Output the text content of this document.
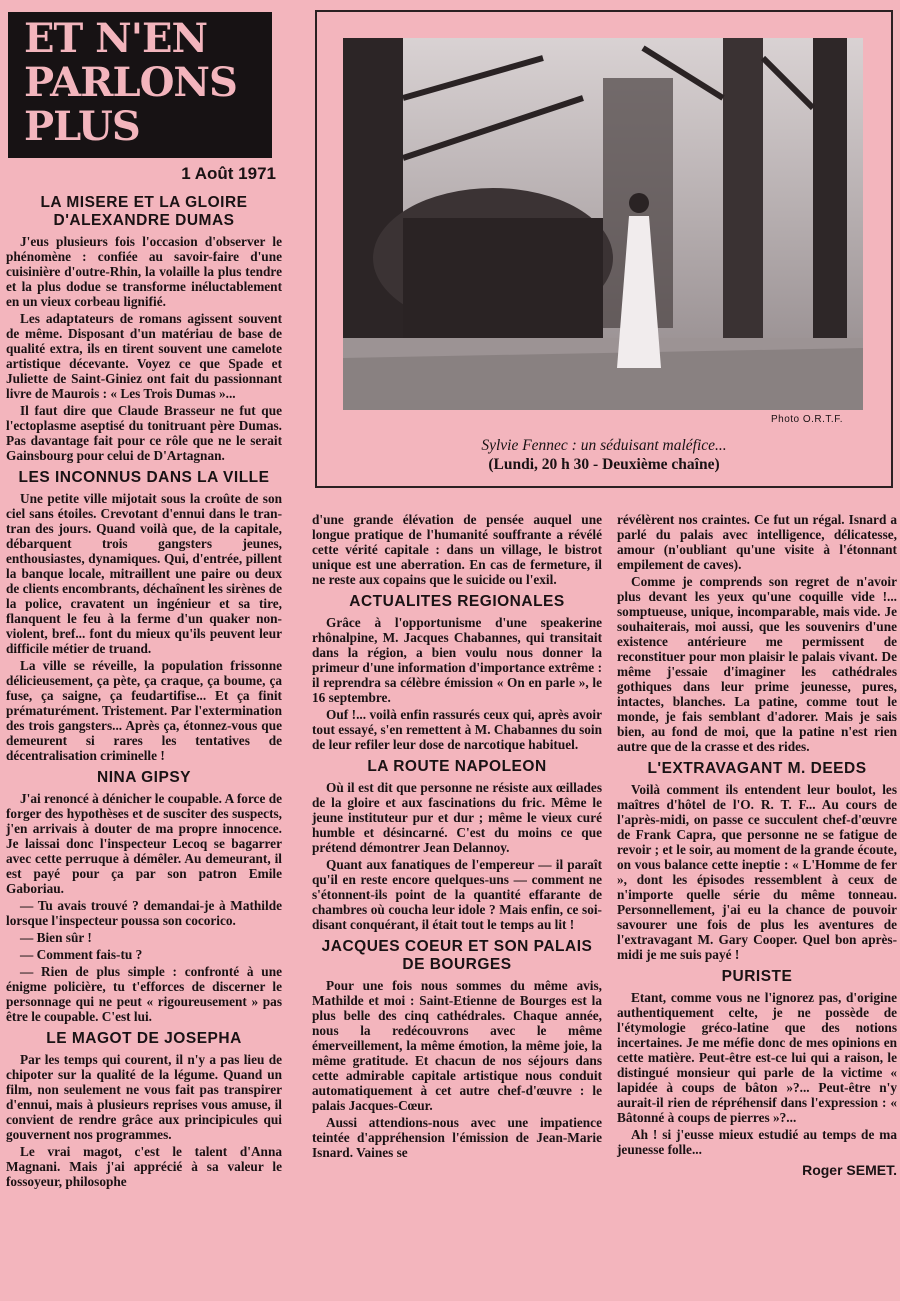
ET N'EN
PARLONS
PLUS
1 Août 1971
Photo O.R.T.F.
Sylvie Fennec : un séduisant maléfice...
(Lundi, 20 h 30 - Deuxième chaîne)
LA MISERE ET LA GLOIRE D'ALEXANDRE DUMAS

J'eus plusieurs fois l'occasion d'observer le phénomène : confiée au savoir-faire d'une cuisinière d'outre-Rhin, la volaille la plus tendre et la plus dodue se transforme inéluctablement en un vieux corbeau lignifié.

Les adaptateurs de romans agissent souvent de même. Disposant d'un matériau de base de qualité extra, ils en tirent souvent une camelote artistique décevante. Voyez ce que Spade et Juliette de Saint-Giniez ont fait du passionnant livre de Maurois : « Les Trois Dumas »...

Il faut dire que Claude Brasseur ne fut que l'ectoplasme aseptisé du tonitruant père Dumas. Pas davantage fait pour ce rôle que ne le serait Gainsbourg pour celui de D'Artagnan.

LES INCONNUS DANS LA VILLE

Une petite ville mijotait sous la croûte de son ciel sans étoiles. Crevotant d'ennui dans le tran-tran des jours. Quand voilà que, de la capitale, débarquent trois gangsters jeunes, enthousiastes, dynamiques. Qui, d'entrée, pillent la banque locale, mitraillent une paire ou deux de clients encombrants, déchaînent les sirènes de la police, cravatent un ingénieur et sa tire, flanquent le feu à la ferme d'un quaker non-violent, bref... font du mieux qu'ils peuvent leur difficile métier de truand.

La ville se réveille, la population frissonne délicieusement, ça pète, ça craque, ça boume, ça fuse, ça saigne, ça feudartifise... Et ça finit prématurément. Tristement. Par l'extermination des trois gangsters... Après ça, étonnez-vous que demeurent si rares les tentatives de décentralisation criminelle !

NINA GIPSY

J'ai renoncé à dénicher le coupable. A force de forger des hypothèses et de susciter des suspects, j'en arrivais à douter de ma propre innocence. Je laissai donc l'inspecteur Lecoq se bagarrer avec cette perruque à démêler. Au demeurant, il est payé pour ça par son patron Emile Gaboriau.

— Tu avais trouvé ? demandai-je à Mathilde lorsque l'inspecteur poussa son cocorico.

— Bien sûr !

— Comment fais-tu ?

— Rien de plus simple : confronté à une énigme policière, tu t'efforces de discerner le personnage qui ne peut « rigoureusement » pas être le coupable. C'est lui.

LE MAGOT DE JOSEPHA

Par les temps qui courent, il n'y a pas lieu de chipoter sur la qualité de la légume. Quand un film, non seulement ne vous fait pas transpirer d'ennui, mais à plusieurs reprises vous amuse, il convient de rendre grâce aux principicules qui gouvernent nos programmes.

Le vrai magot, c'est le talent d'Anna Magnani. Mais j'ai apprécié à sa valeur le fossoyeur, philosophe

d'une grande élévation de pensée auquel une longue pratique de l'humanité souffrante a révélé cette vérité capitale : dans un village, le bistrot unique est une aberration. En cas de fermeture, il ne reste aux copains que le suicide ou l'exil.

ACTUALITES REGIONALES

Grâce à l'opportunisme d'une speakerine rhônalpine, M. Jacques Chabannes, qui transitait dans la région, a bien voulu nous donner la primeur d'une information d'importance extrême : il reprendra sa célèbre émission « On en parle », le 16 septembre.

Ouf !... voilà enfin rassurés ceux qui, après avoir tout essayé, s'en remettent à M. Chabannes du soin de leur refiler leur dose de narcotique habituel.

LA ROUTE NAPOLEON

Où il est dit que personne ne résiste aux œillades de la gloire et aux fascinations du fric. Même le jeune instituteur pur et dur ; même le vieux curé humble et désincarné. C'est du moins ce que prétend démontrer Jean Delannoy.

Quant aux fanatiques de l'empereur — il paraît qu'il en reste encore quelques-uns — comment ne s'étonnent-ils point de la quantité effarante de chambres où coucha leur idole ? Mais enfin, ce soi-disant conquérant, il était tout le temps au lit !

JACQUES COEUR ET SON PALAIS DE BOURGES

Pour une fois nous sommes du même avis, Mathilde et moi : Saint-Etienne de Bourges est la plus belle des cinq cathédrales. Chaque année, nous la redécouvrons avec le même émerveillement, la même émotion, la même joie, la même gratitude. Et chacun de nos séjours dans cette admirable capitale artistique nous conduit automatiquement à cet autre chef-d'œuvre : le palais Jacques-Cœur.

Aussi attendions-nous avec une impatience teintée d'appréhension l'émission de Jean-Marie Isnard. Vaines se

révélèrent nos craintes. Ce fut un régal. Isnard a parlé du palais avec intelligence, délicatesse, amour (n'oubliant qu'une visite à l'étonnant empilement de caves).

Comme je comprends son regret de n'avoir plus devant les yeux qu'une coquille vide !... somptueuse, unique, incomparable, mais vide. Je souhaiterais, moi aussi, que les souvenirs d'une existence antérieure me permissent de reconstituer pour mon plaisir le palais vivant. De même j'essaie d'imaginer les cathédrales gothiques dans leur prime jeunesse, pures, intactes, blanches. La patine, comme tout le monde, je fais semblant d'adorer. Mais je sais bien, au fond de moi, que la patine n'est rien autre que de la crasse et des rides.

L'EXTRAVAGANT M. DEEDS

Voilà comment ils entendent leur boulot, les maîtres d'hôtel de l'O. R. T. F... Au cours de l'après-midi, on passe ce succulent chef-d'œuvre de Frank Capra, que personne ne se fatigue de revoir ; et le soir, au moment de la grande écoute, on vous balance cette ineptie : « L'Homme de fer », dont les épisodes ressemblent à ceux de n'importe quelle série du même tonneau. Personnellement, j'ai eu la chance de pouvoir savourer une fois de plus les aventures de l'extravagant M. Gary Cooper. Quel bon après-midi je me suis payé !

PURISTE

Etant, comme vous ne l'ignorez pas, d'origine authentiquement celte, je ne possède de l'étymologie gréco-latine que des notions incertaines. Je me méfie donc de mes opinions en cette matière. Peut-être est-ce lui qui a raison, le distingué monsieur qui parle de la victime « lapidée à coups de bâton »?... Peut-être n'y aurait-il rien de répréhensif dans l'expression : « Bâtonné à coups de pierres »?...

Ah ! si j'eusse mieux estudié au temps de ma jeunesse folle...

Roger SEMET.
